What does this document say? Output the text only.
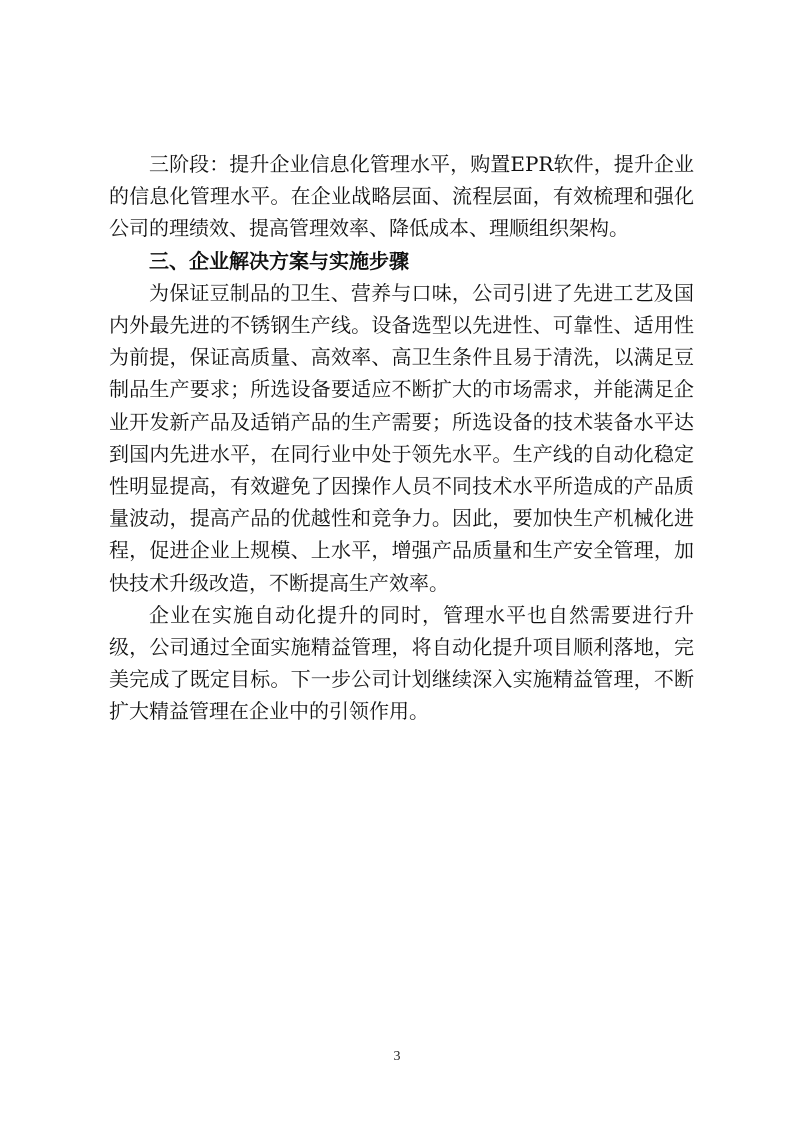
三阶段：提升企业信息化管理水平，购置EPR软件，提升企业的信息化管理水平。在企业战略层面、流程层面，有效梳理和强化公司的理绩效、提高管理效率、降低成本、理顺组织架构。

三、企业解决方案与实施步骤

为保证豆制品的卫生、营养与口味，公司引进了先进工艺及国内外最先进的不锈钢生产线。设备选型以先进性、可靠性、适用性为前提，保证高质量、高效率、高卫生条件且易于清洗，以满足豆制品生产要求；所选设备要适应不断扩大的市场需求，并能满足企业开发新产品及适销产品的生产需要；所选设备的技术装备水平达到国内先进水平，在同行业中处于领先水平。生产线的自动化稳定性明显提高，有效避免了因操作人员不同技术水平所造成的产品质量波动，提高产品的优越性和竞争力。因此，要加快生产机械化进程，促进企业上规模、上水平，增强产品质量和生产安全管理，加快技术升级改造，不断提高生产效率。

企业在实施自动化提升的同时，管理水平也自然需要进行升级，公司通过全面实施精益管理，将自动化提升项目顺利落地，完美完成了既定目标。下一步公司计划继续深入实施精益管理，不断扩大精益管理在企业中的引领作用。

3
